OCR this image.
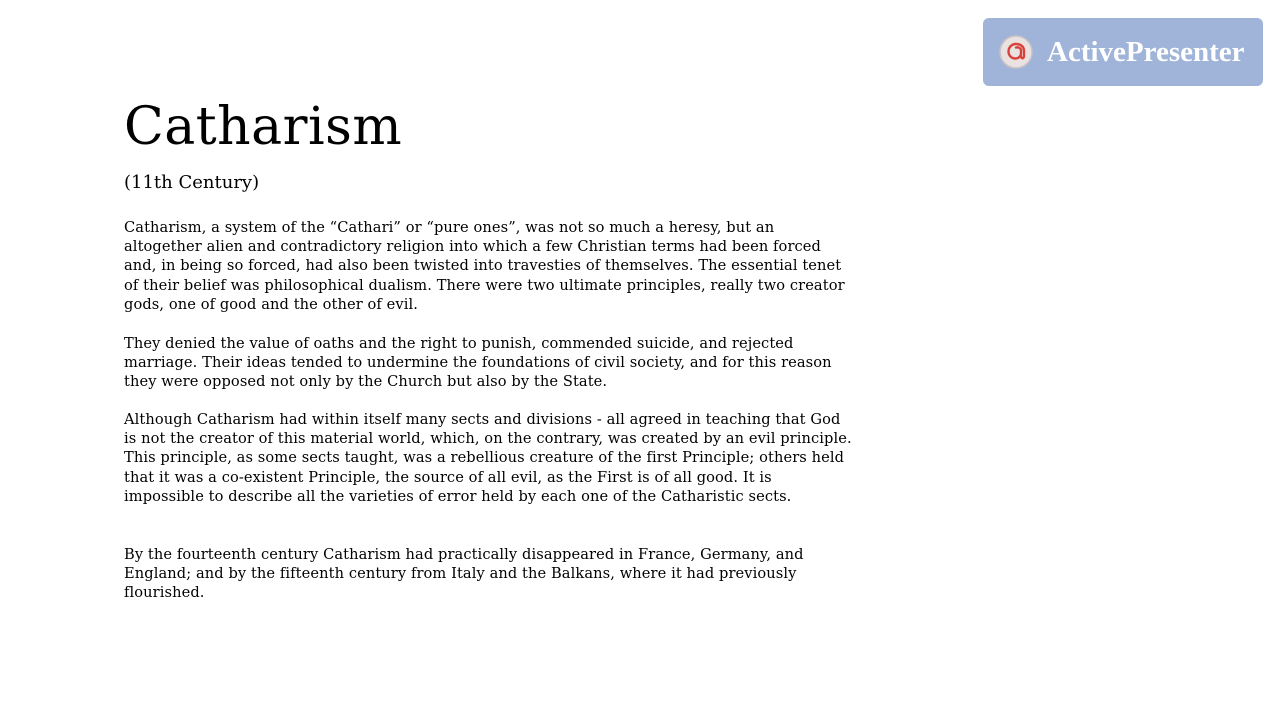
ActivePresenter
Catharism

(11th Century)

Catharism, a system of the “Cathari” or “pure ones”, was not so much a heresy, but an altogether alien and contradictory religion into which a few Christian terms had been forced and, in being so forced, had also been twisted into travesties of themselves. The essential tenet of their belief was philosophical dualism. There were two ultimate principles, really two creator gods, one of good and the other of evil.

They denied the value of oaths and the right to punish, commended suicide, and rejected marriage. Their ideas tended to undermine the foundations of civil society, and for this reason they were opposed not only by the Church but also by the State.

Although Catharism had within itself many sects and divisions - all agreed in teaching that God is not the creator of this material world, which, on the contrary, was created by an evil principle. This principle, as some sects taught, was a rebellious creature of the first Principle; others held that it was a co-existent Principle, the source of all evil, as the First is of all good. It is impossible to describe all the varieties of error held by each one of the Catharistic sects.

By the fourteenth century Catharism had practically disappeared in France, Germany, and England; and by the fifteenth century from Italy and the Balkans, where it had previously flourished.
